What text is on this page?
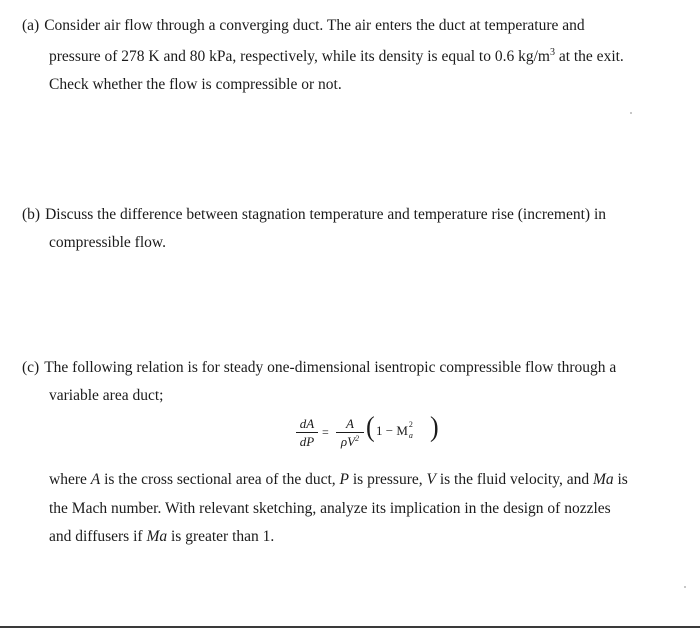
(a) Consider air flow through a converging duct. The air enters the duct at temperature and
pressure of 278 K and 80 kPa, respectively, while its density is equal to 0.6 $kg/m^3$ at the exit.
Check whether the flow is compressible or not.
(b) Discuss the difference between stagnation temperature and temperature rise (increment) in
compressible flow.
(c) The following relation is for steady one-dimensional isentropic compressible flow through a
variable area duct;
dA
dP
=
A
$\rho V^2$ ( 1 − M 2
a )
where A is the cross sectional area of the duct, P is pressure, V is the fluid velocity, and Ma is
the Mach number. With relevant sketching, analyze its implication in the design of nozzles
and diffusers if Ma is greater than 1.
